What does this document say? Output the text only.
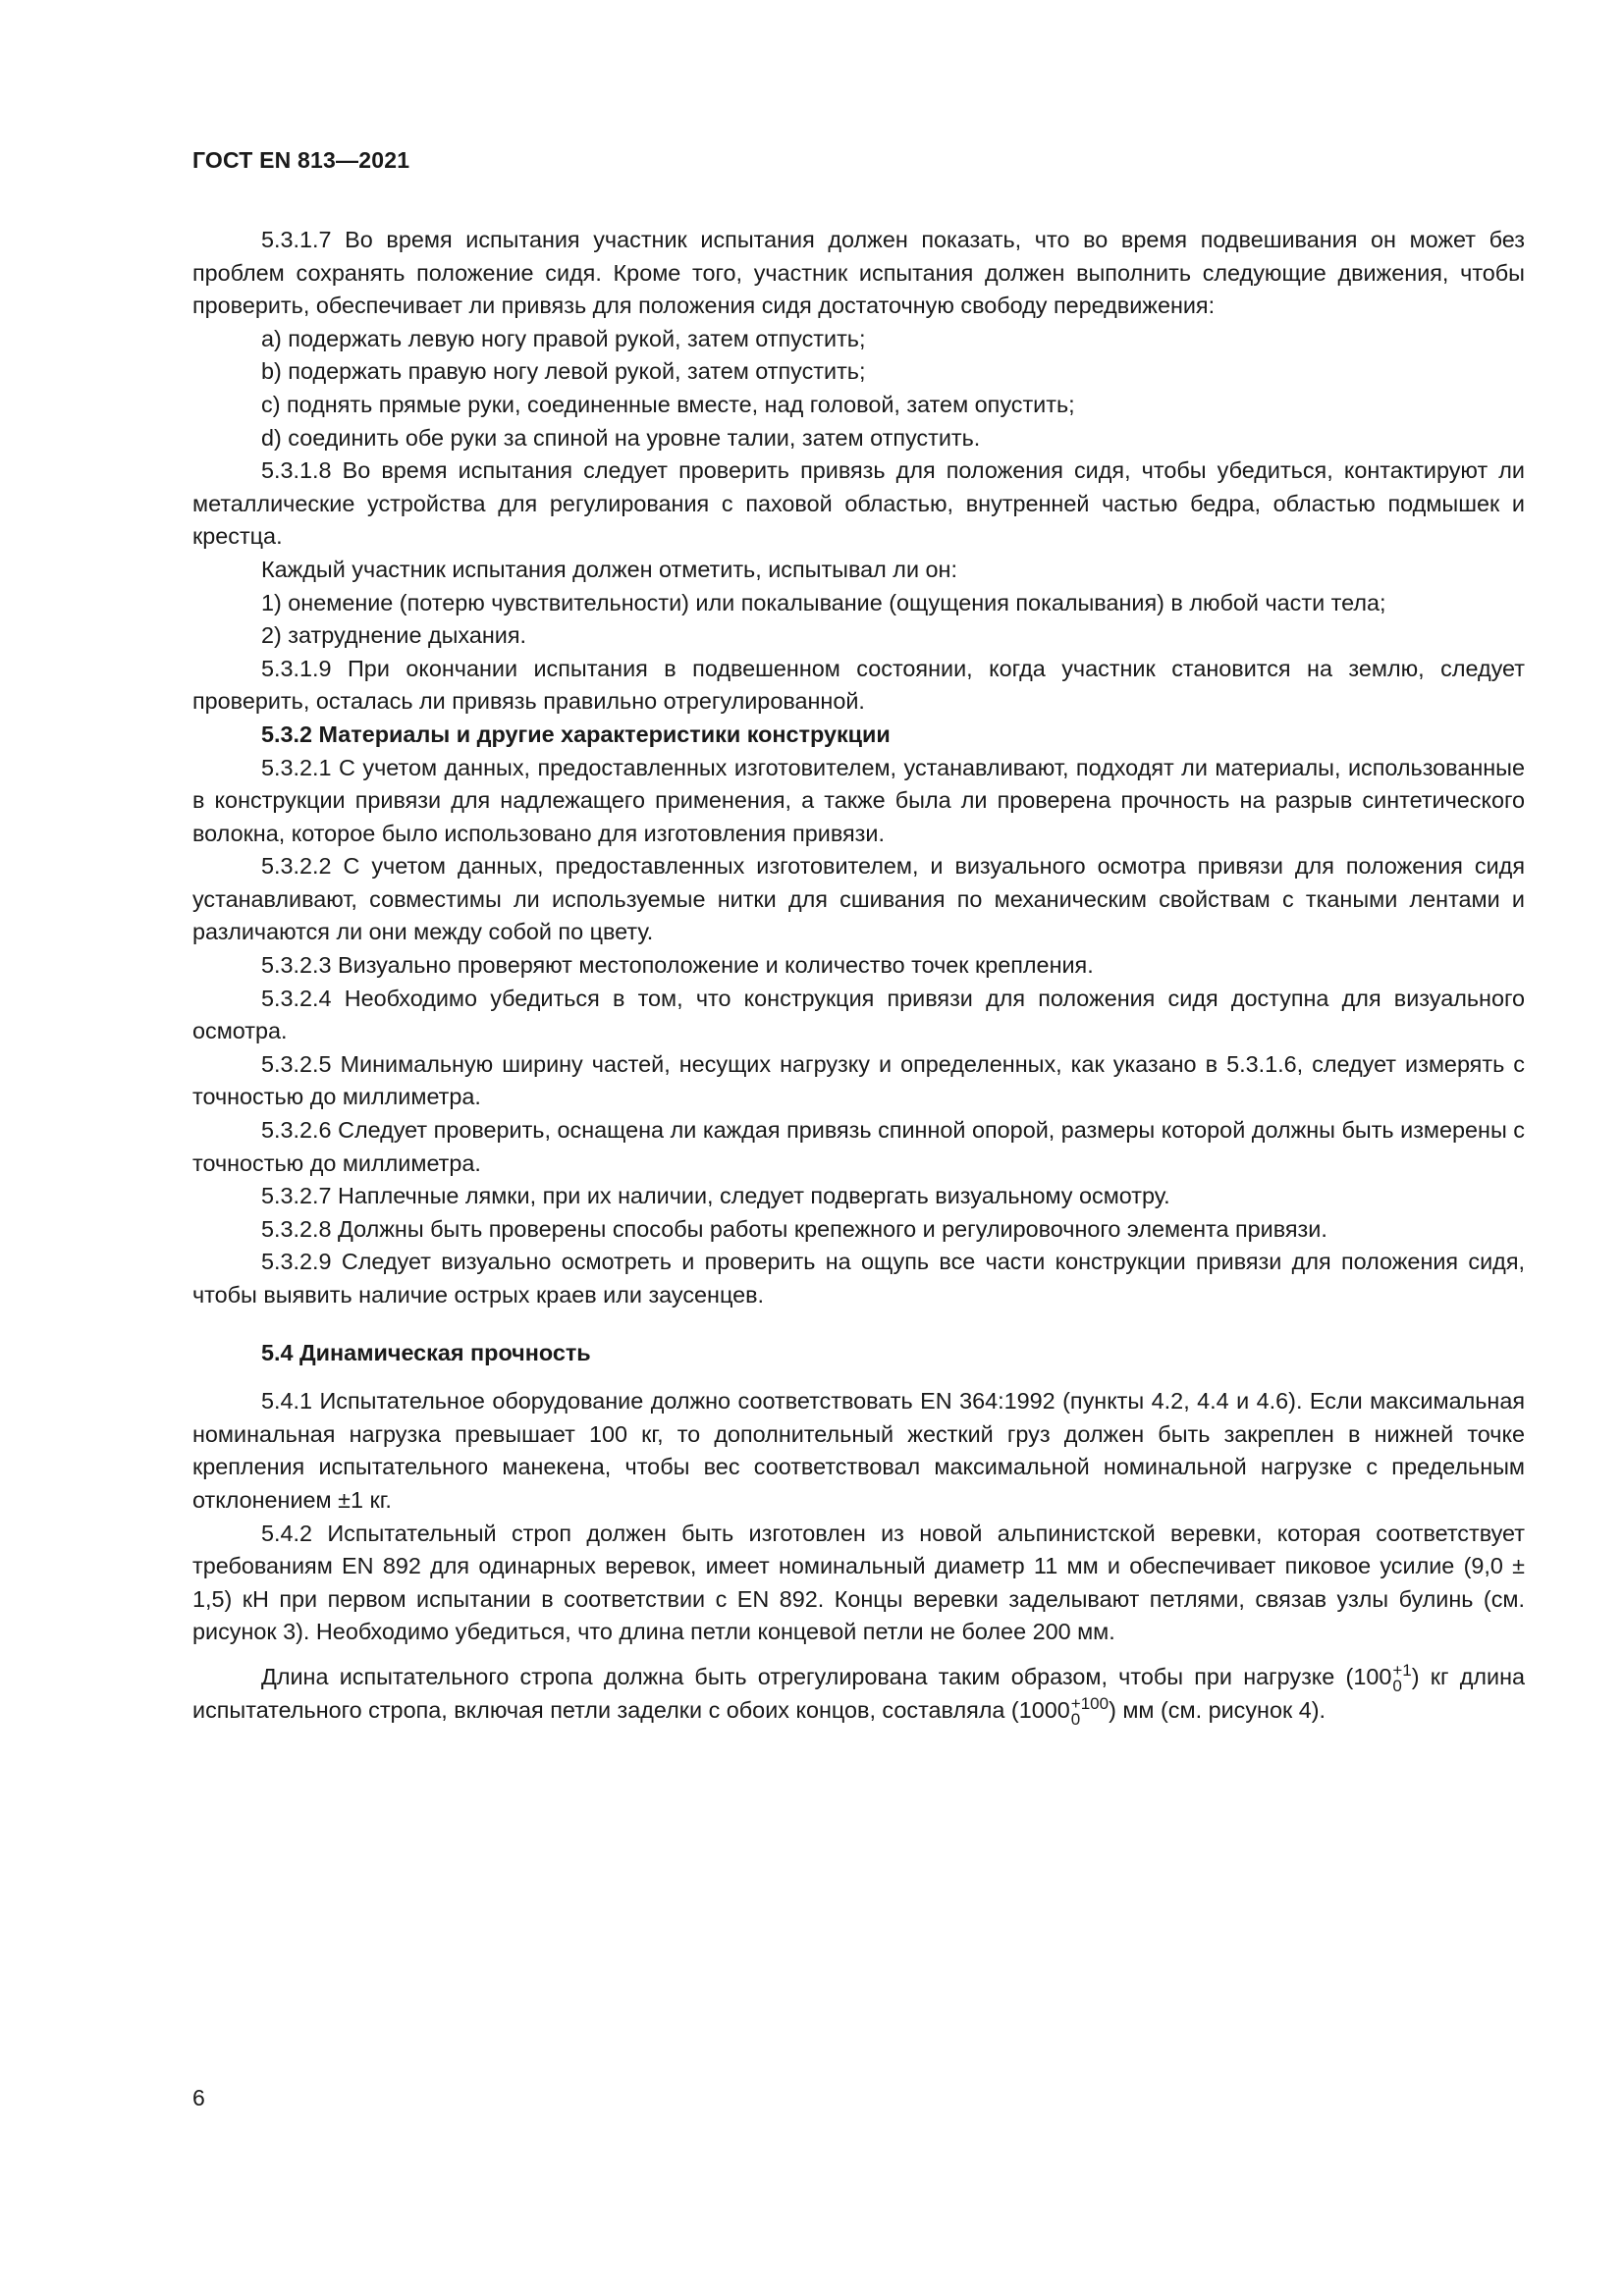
ГОСТ EN 813—2021

5.3.1.7 Во время испытания участник испытания должен показать, что во время подвешивания он может без проблем сохранять положение сидя. Кроме того, участник испытания должен выполнить следующие движения, чтобы проверить, обеспечивает ли привязь для положения сидя достаточную свободу передвижения:

a) подержать левую ногу правой рукой, затем отпустить;

b) подержать правую ногу левой рукой, затем отпустить;

c) поднять прямые руки, соединенные вместе, над головой, затем опустить;

d) соединить обе руки за спиной на уровне талии, затем отпустить.

5.3.1.8 Во время испытания следует проверить привязь для положения сидя, чтобы убедиться, контактируют ли металлические устройства для регулирования с паховой областью, внутренней частью бедра, областью подмышек и крестца.

Каждый участник испытания должен отметить, испытывал ли он:

1) онемение (потерю чувствительности) или покалывание (ощущения покалывания) в любой части тела;

2) затруднение дыхания.

5.3.1.9 При окончании испытания в подвешенном состоянии, когда участник становится на землю, следует проверить, осталась ли привязь правильно отрегулированной.

5.3.2 Материалы и другие характеристики конструкции

5.3.2.1 С учетом данных, предоставленных изготовителем, устанавливают, подходят ли материалы, использованные в конструкции привязи для надлежащего применения, а также была ли проверена прочность на разрыв синтетического волокна, которое было использовано для изготовления привязи.

5.3.2.2 С учетом данных, предоставленных изготовителем, и визуального осмотра привязи для положения сидя устанавливают, совместимы ли используемые нитки для сшивания по механическим свойствам с ткаными лентами и различаются ли они между собой по цвету.

5.3.2.3 Визуально проверяют местоположение и количество точек крепления.

5.3.2.4 Необходимо убедиться в том, что конструкция привязи для положения сидя доступна для визуального осмотра.

5.3.2.5 Минимальную ширину частей, несущих нагрузку и определенных, как указано в 5.3.1.6, следует измерять с точностью до миллиметра.

5.3.2.6 Следует проверить, оснащена ли каждая привязь спинной опорой, размеры которой должны быть измерены с точностью до миллиметра.

5.3.2.7 Наплечные лямки, при их наличии, следует подвергать визуальному осмотру.

5.3.2.8 Должны быть проверены способы работы крепежного и регулировочного элемента привязи.

5.3.2.9 Следует визуально осмотреть и проверить на ощупь все части конструкции привязи для положения сидя, чтобы выявить наличие острых краев или заусенцев.

5.4 Динамическая прочность

5.4.1 Испытательное оборудование должно соответствовать EN 364:1992 (пункты 4.2, 4.4 и 4.6). Если максимальная номинальная нагрузка превышает 100 кг, то дополнительный жесткий груз должен быть закреплен в нижней точке крепления испытательного манекена, чтобы вес соответствовал максимальной номинальной нагрузке с предельным отклонением ±1 кг.

5.4.2 Испытательный строп должен быть изготовлен из новой альпинистской веревки, которая соответствует требованиям EN 892 для одинарных веревок, имеет номинальный диаметр 11 мм и обеспечивает пиковое усилие (9,0 ± 1,5) кН при первом испытании в соответствии с EN 892. Концы веревки заделывают петлями, связав узлы булинь (см. рисунок 3). Необходимо убедиться, что длина петли концевой петли не более 200 мм.

Длина испытательного стропа должна быть отрегулирована таким образом, чтобы при нагрузке (100 +1
0 ) кг длина испытательного стропа, включая петли заделки с обоих концов, составляла (1000 +100
0	) мм (см. рисунок 4).

6
